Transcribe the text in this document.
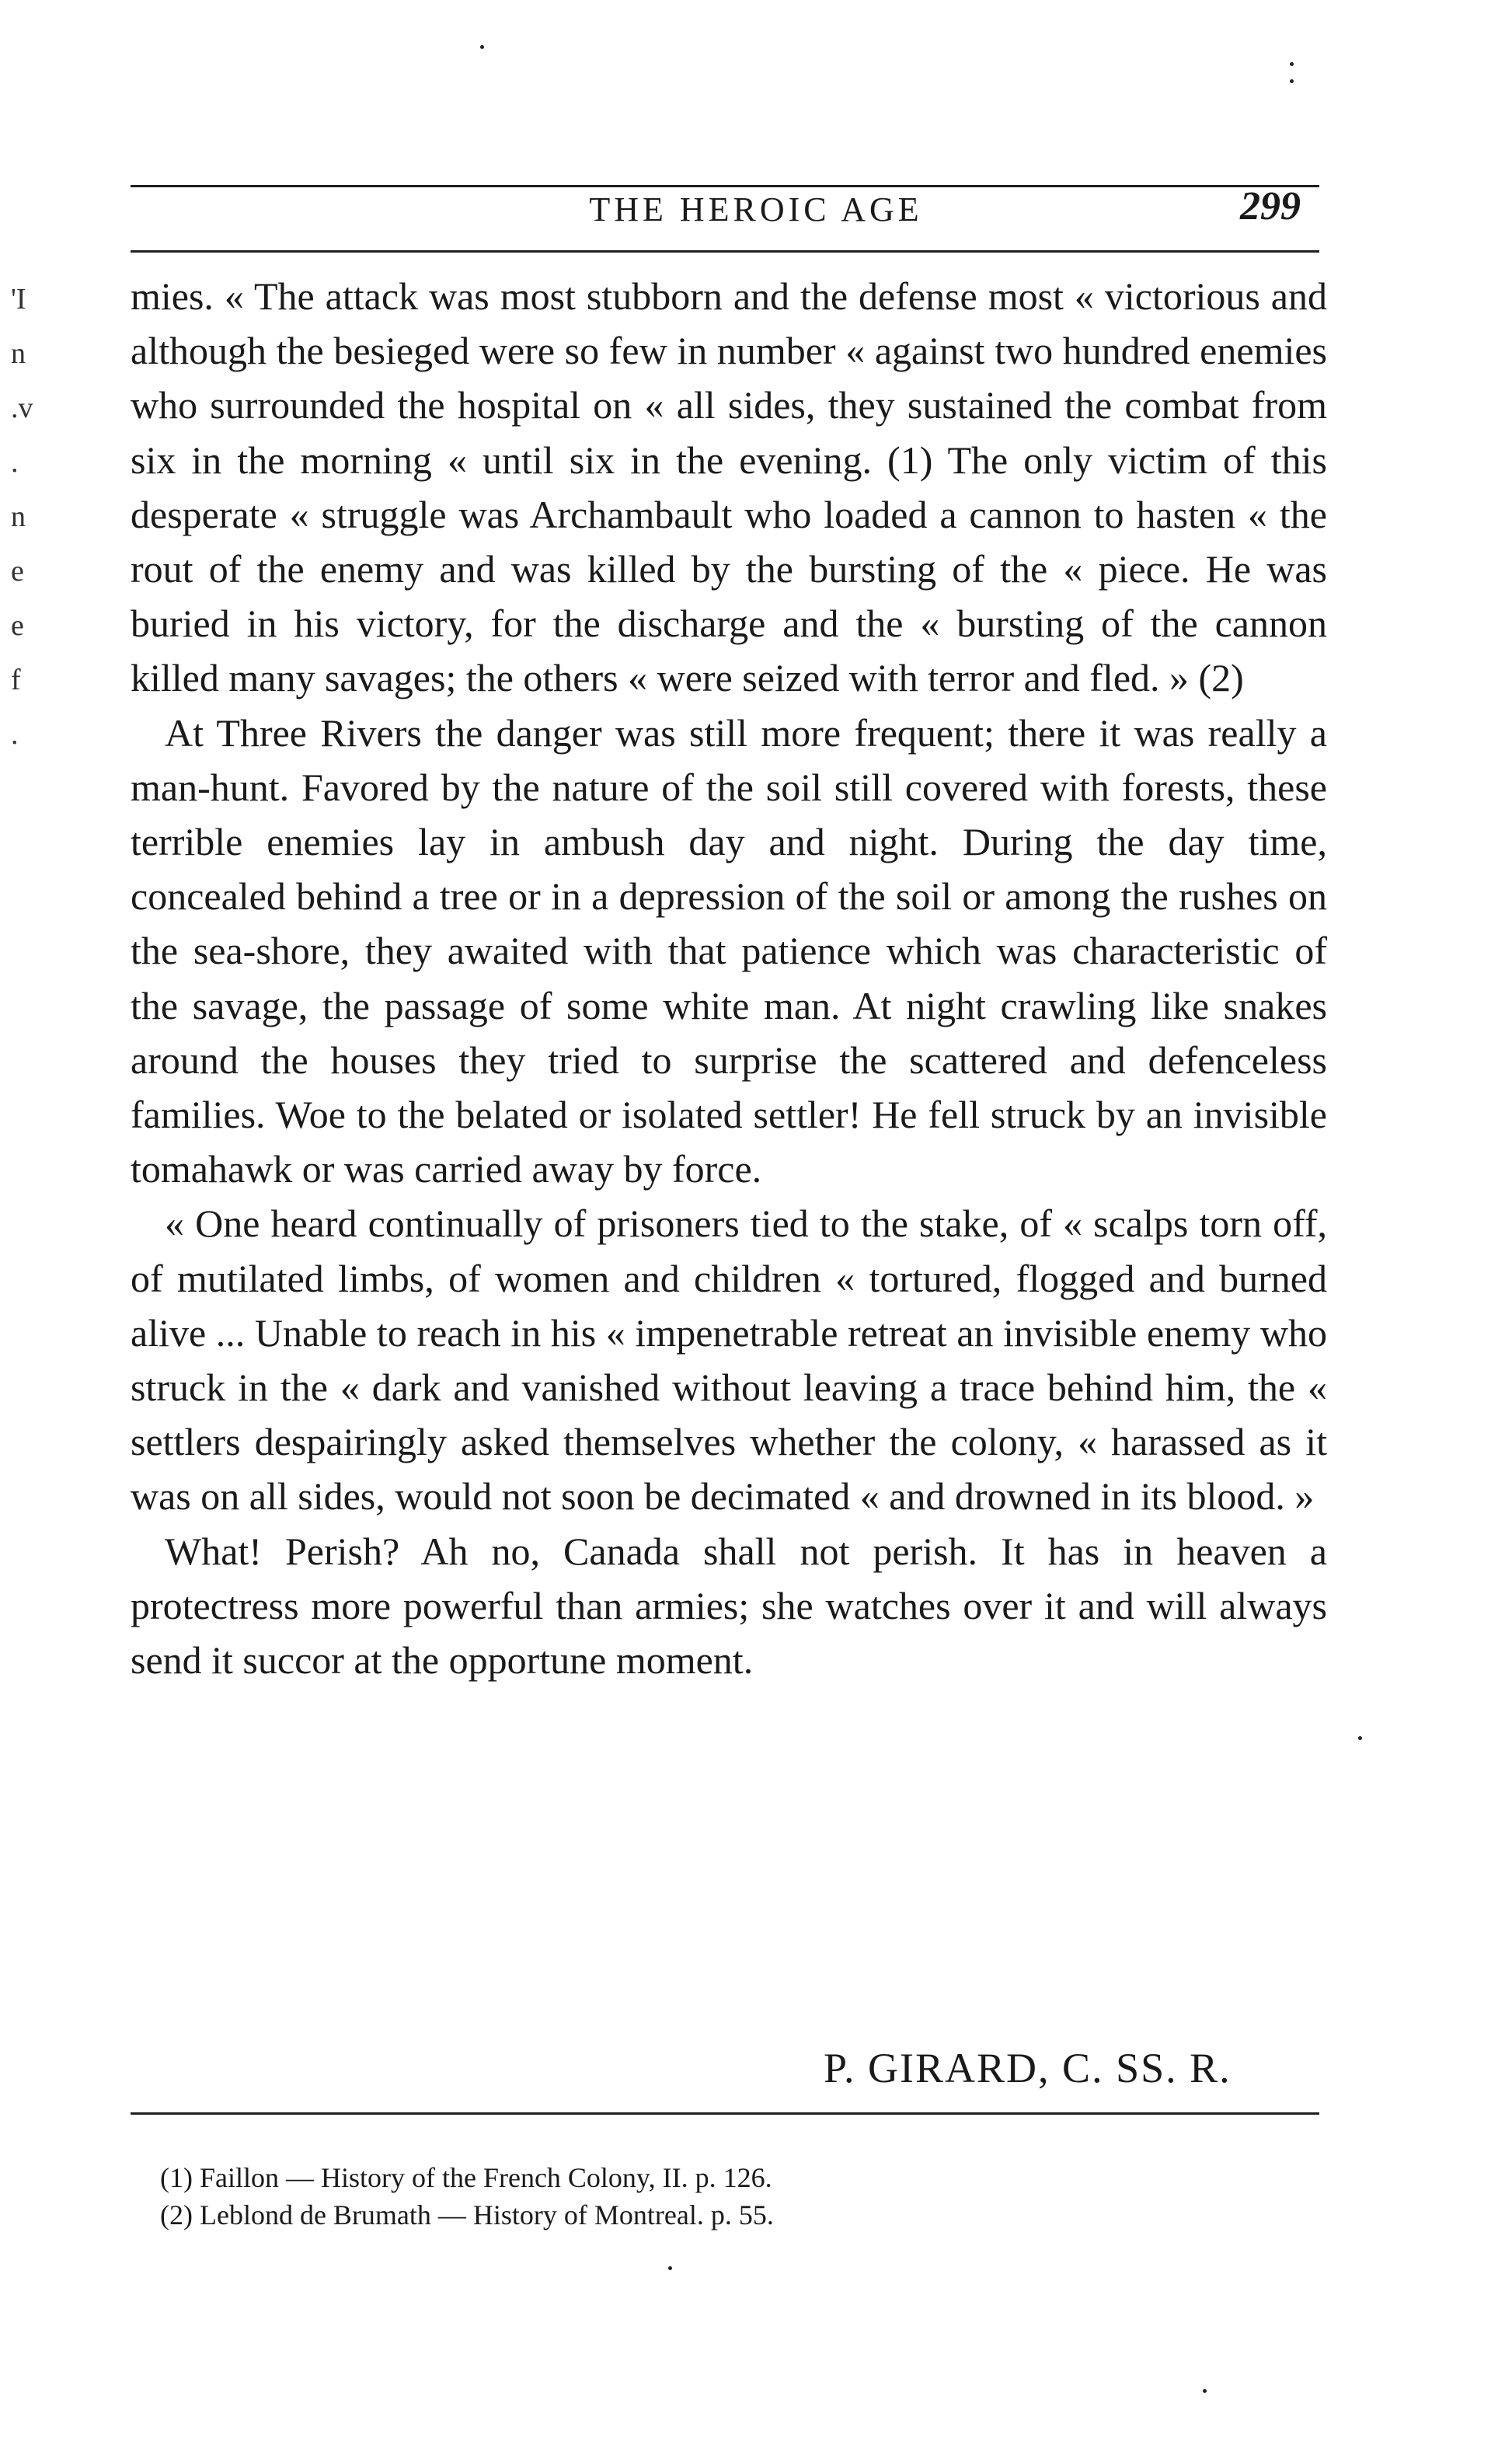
THE HEROIC AGE	299
'I
n
.v
.
n
e
e
f
.

mies. « The attack was most stubborn and the defense most « victorious and although the besieged were so few in number « against two hundred enemies who surrounded the hospital on « all sides, they sustained the combat from six in the morning « until six in the evening. (1) The only victim of this desperate « struggle was Archambault who loaded a cannon to hasten « the rout of the enemy and was killed by the bursting of the « piece. He was buried in his victory, for the discharge and the « bursting of the cannon killed many savages; the others « were seized with terror and fled. » (2)

At Three Rivers the danger was still more frequent; there it was really a man-hunt. Favored by the nature of the soil still covered with forests, these terrible enemies lay in ambush day and night. During the day time, concealed behind a tree or in a depression of the soil or among the rushes on the sea-shore, they awaited with that patience which was characteristic of the savage, the passage of some white man. At night crawling like snakes around the houses they tried to surprise the scattered and defenceless families. Woe to the belated or isolated settler! He fell struck by an invisible tomahawk or was carried away by force.

« One heard continually of prisoners tied to the stake, of « scalps torn off, of mutilated limbs, of women and children « tortured, flogged and burned alive ... Unable to reach in his « impenetrable retreat an invisible enemy who struck in the « dark and vanished without leaving a trace behind him, the « settlers despairingly asked themselves whether the colony, « harassed as it was on all sides, would not soon be decimated « and drowned in its blood. »

What! Perish? Ah no, Canada shall not perish. It has in heaven a protectress more powerful than armies; she watches over it and will always send it succor at the opportune moment.

P. GIRARD, C. SS. R.

(1) Faillon — History of the French Colony, II. p. 126.

(2) Leblond de Brumath — History of Montreal. p. 55.
